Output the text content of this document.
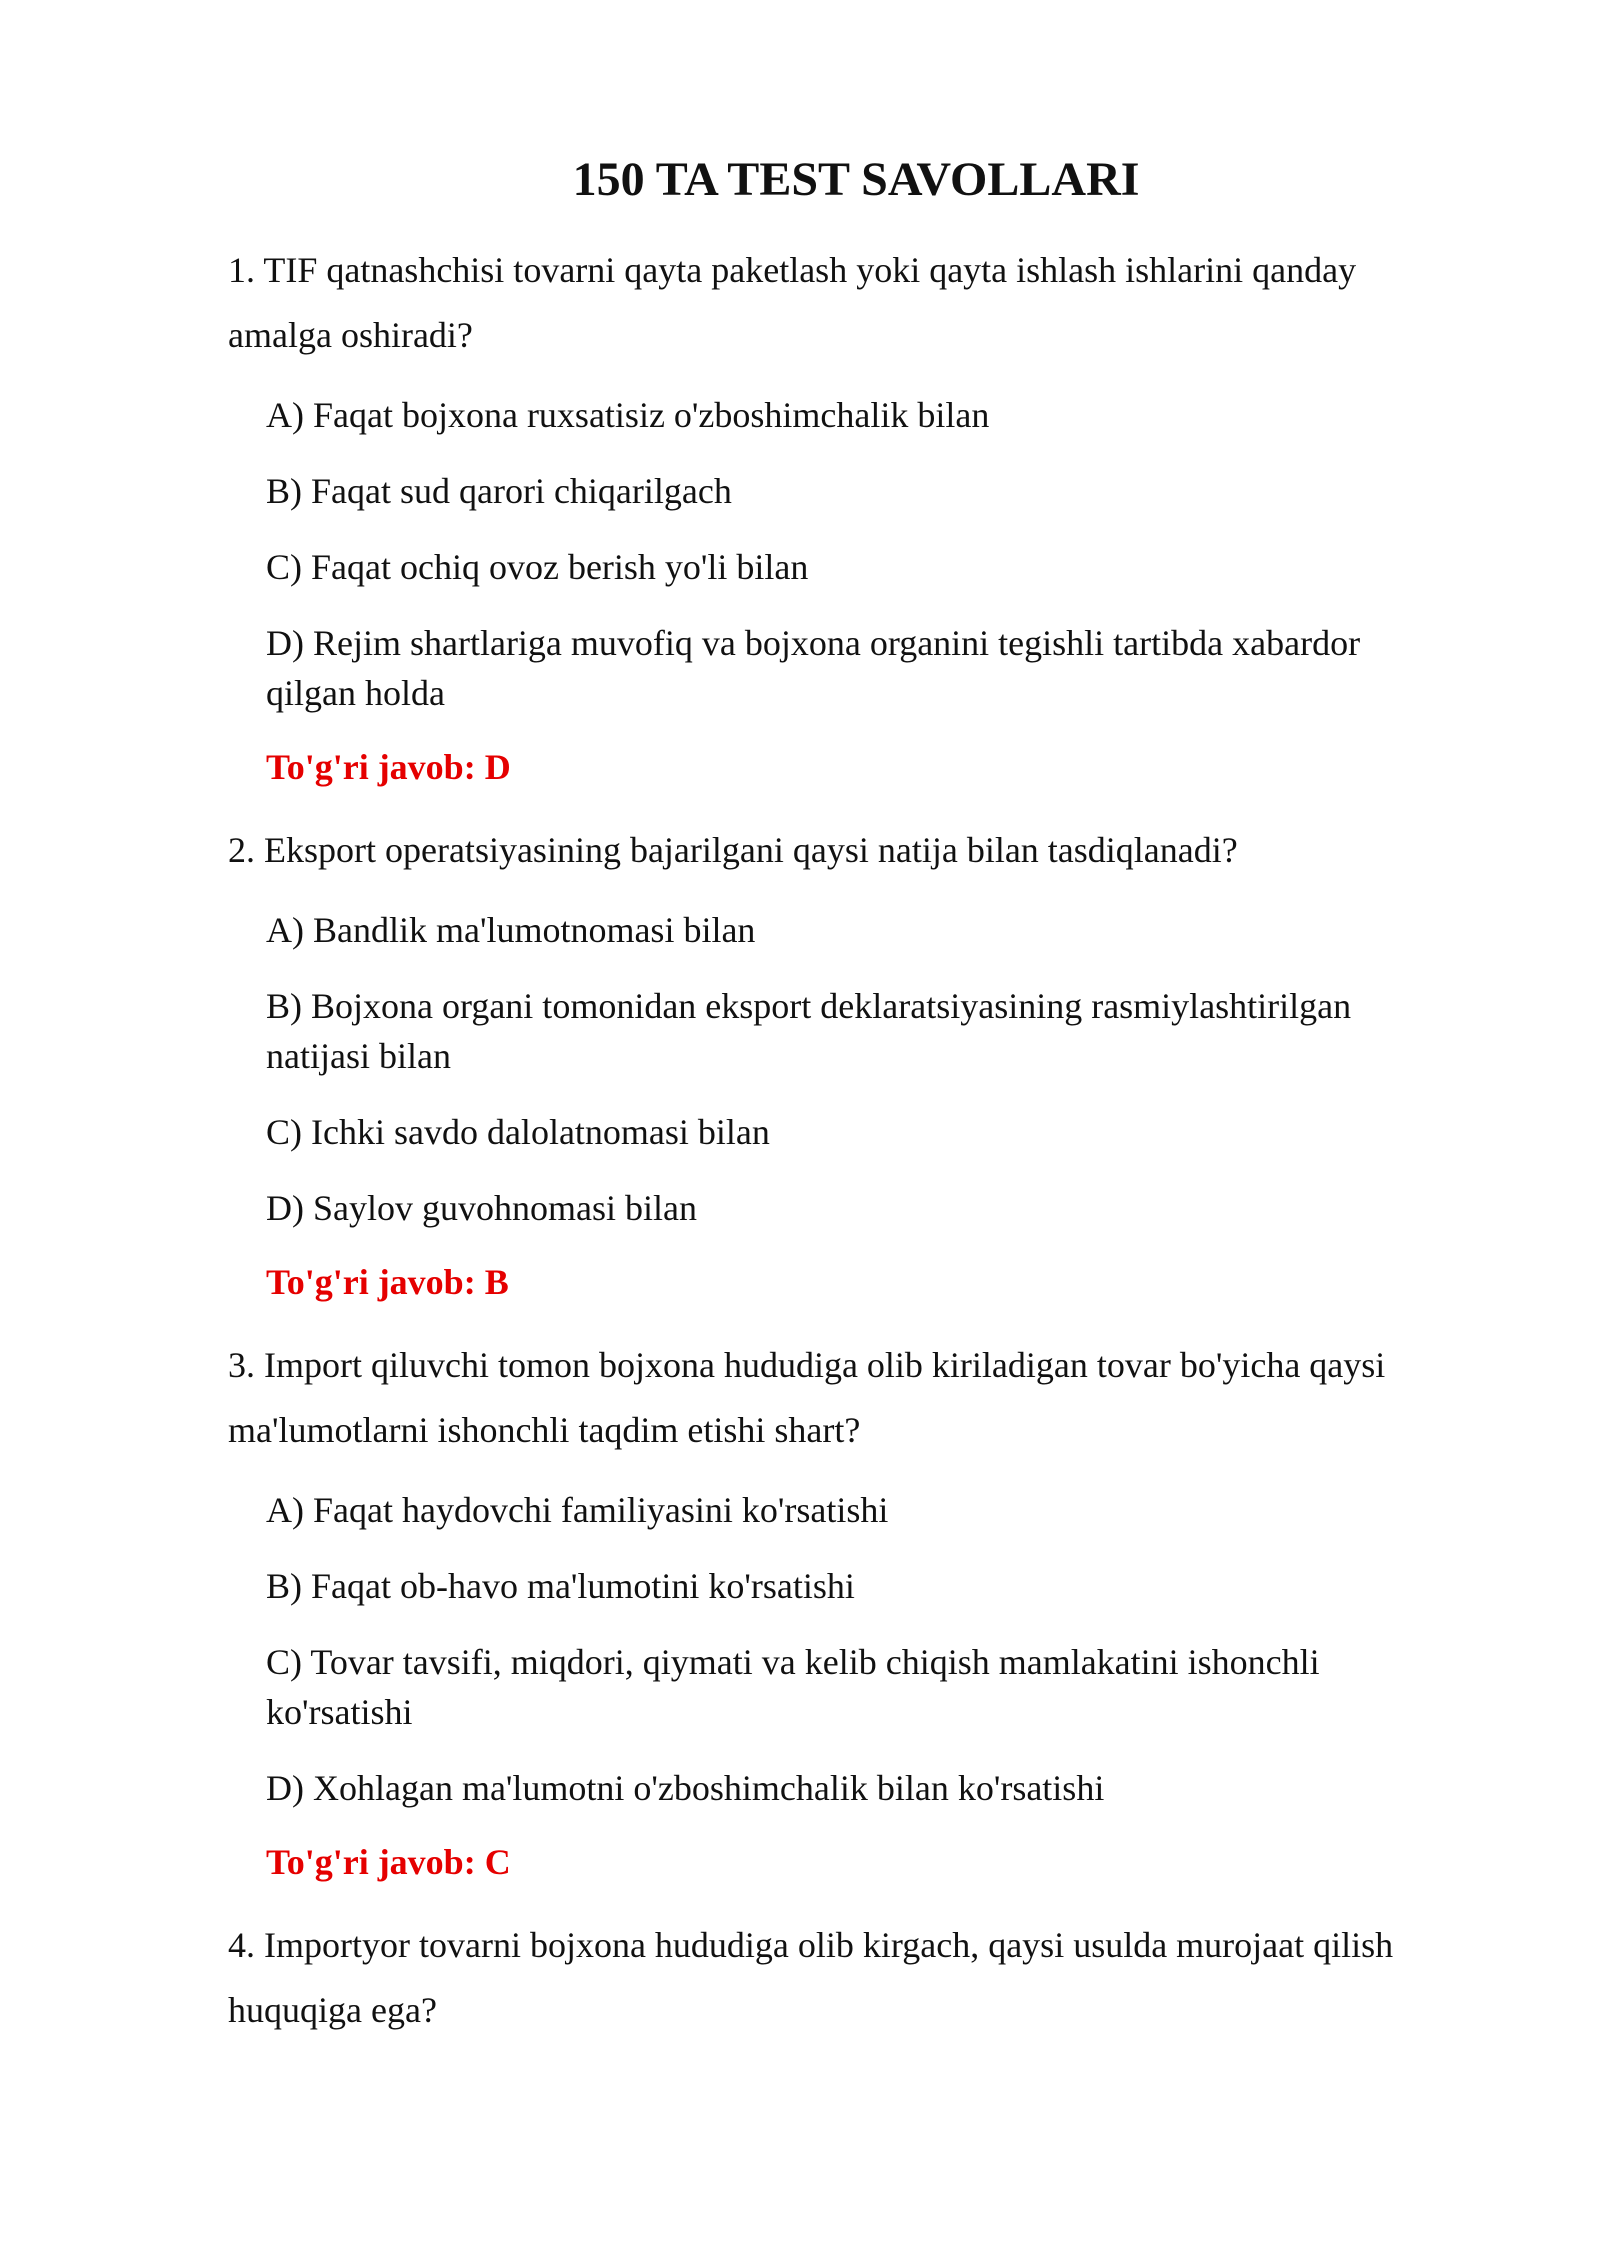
150 TA TEST SAVOLLARI

1. TIF qatnashchisi tovarni qayta paketlash yoki qayta ishlash ishlarini qanday amalga oshiradi?

A) Faqat bojxona ruxsatisiz o'zboshimchalik bilan
B) Faqat sud qarori chiqarilgach
C) Faqat ochiq ovoz berish yo'li bilan
D) Rejim shartlariga muvofiq va bojxona organini tegishli tartibda xabardor qilgan holda
To'g'ri javob: D

2. Eksport operatsiyasining bajarilgani qaysi natija bilan tasdiqlanadi?

A) Bandlik ma'lumotnomasi bilan
B) Bojxona organi tomonidan eksport deklaratsiyasining rasmiylashtirilgan natijasi bilan
C) Ichki savdo dalolatnomasi bilan
D) Saylov guvohnomasi bilan
To'g'ri javob: B

3. Import qiluvchi tomon bojxona hududiga olib kiriladigan tovar bo'yicha qaysi ma'lumotlarni ishonchli taqdim etishi shart?

A) Faqat haydovchi familiyasini ko'rsatishi
B) Faqat ob-havo ma'lumotini ko'rsatishi
C) Tovar tavsifi, miqdori, qiymati va kelib chiqish mamlakatini ishonchli ko'rsatishi
D) Xohlagan ma'lumotni o'zboshimchalik bilan ko'rsatishi
To'g'ri javob: C

4. Importyor tovarni bojxona hududiga olib kirgach, qaysi usulda murojaat qilish huquqiga ega?
